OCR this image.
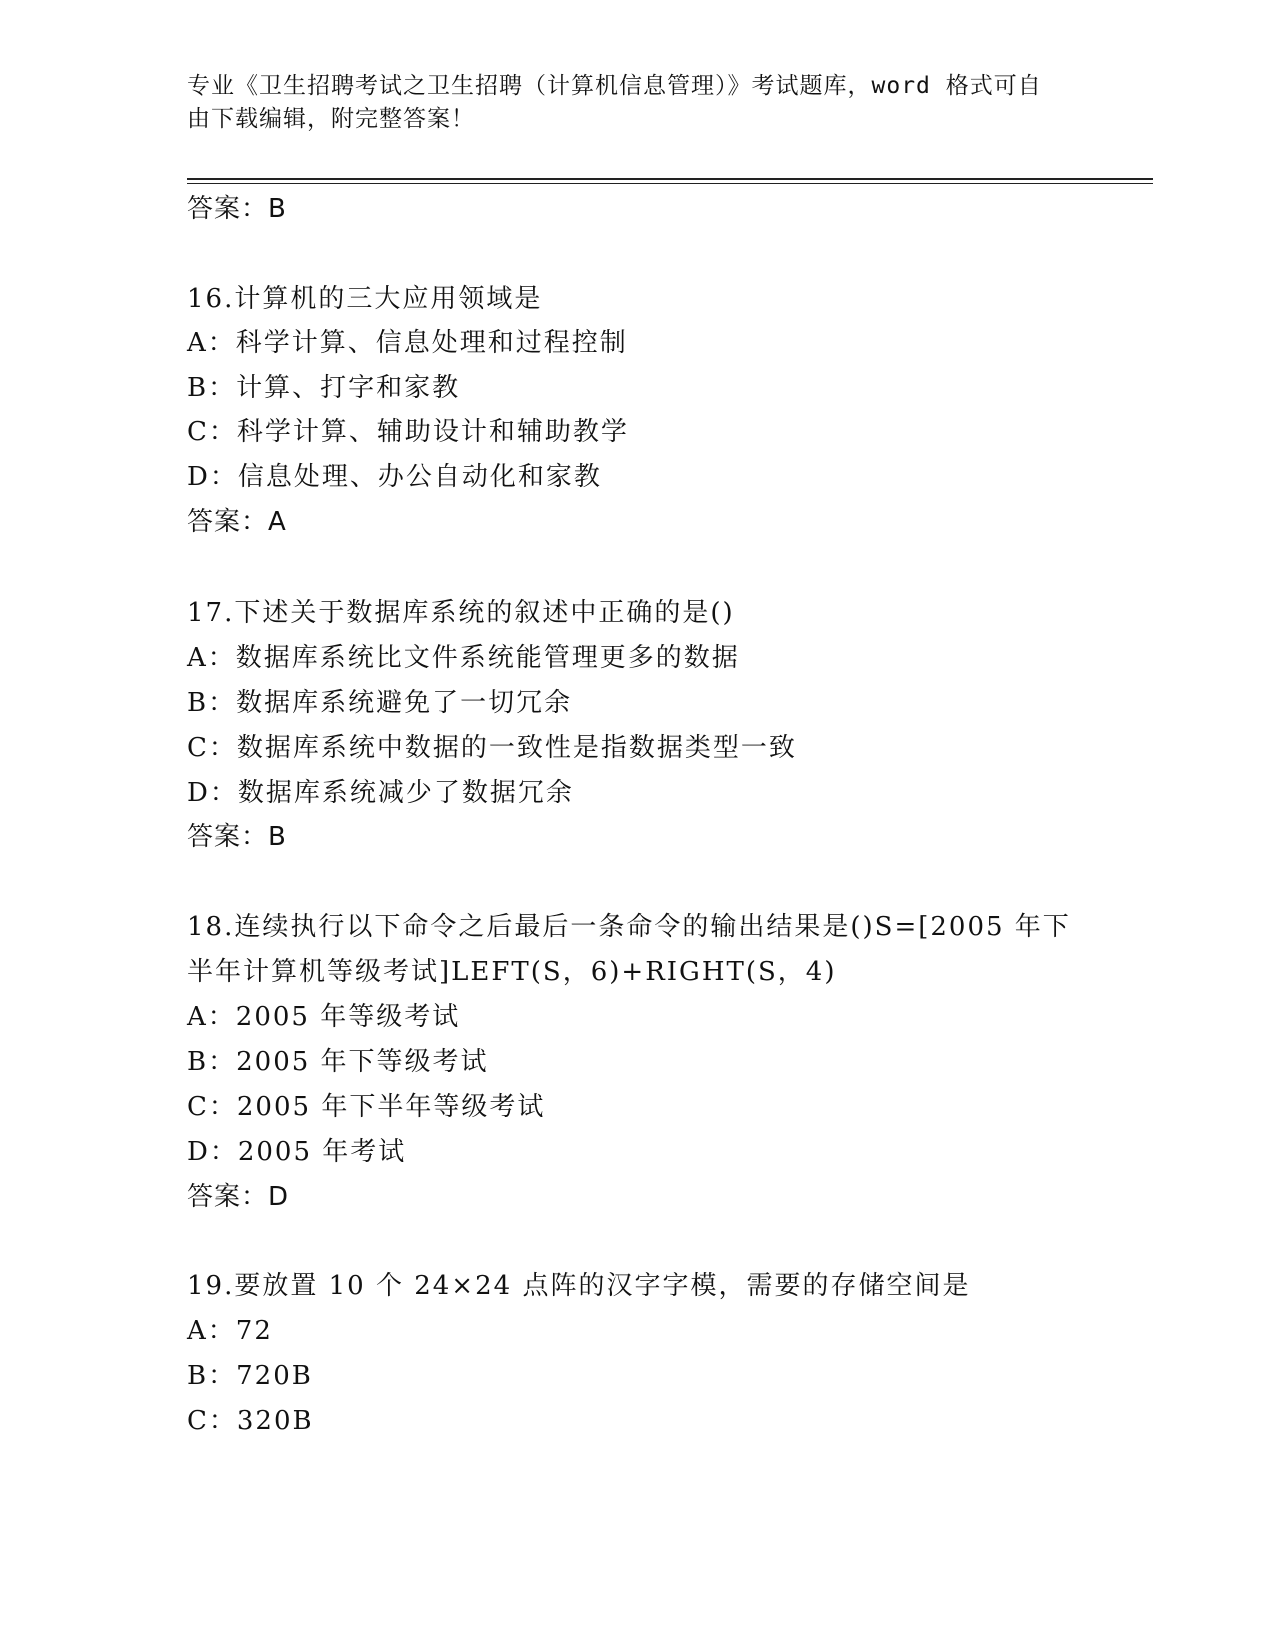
专业《卫生招聘考试之卫生招聘（计算机信息管理）》考试题库，word 格式可自
由下载编辑，附完整答案！
答案：B
16.计算机的三大应用领域是
A：科学计算、信息处理和过程控制
B：计算、打字和家教
C：科学计算、辅助设计和辅助教学
D：信息处理、办公自动化和家教
答案：A
17.下述关于数据库系统的叙述中正确的是()
A：数据库系统比文件系统能管理更多的数据
B：数据库系统避免了一切冗余
C：数据库系统中数据的一致性是指数据类型一致
D：数据库系统减少了数据冗余
答案：B
18.连续执行以下命令之后最后一条命令的输出结果是()S=[2005 年下
半年计算机等级考试]LEFT(S，6)+RIGHT(S，4)
A：2005 年等级考试
B：2005 年下等级考试
C：2005 年下半年等级考试
D：2005 年考试
答案：D
19.要放置 10 个 24×24 点阵的汉字字模，需要的存储空间是
A：72
B：720B
C：320B
